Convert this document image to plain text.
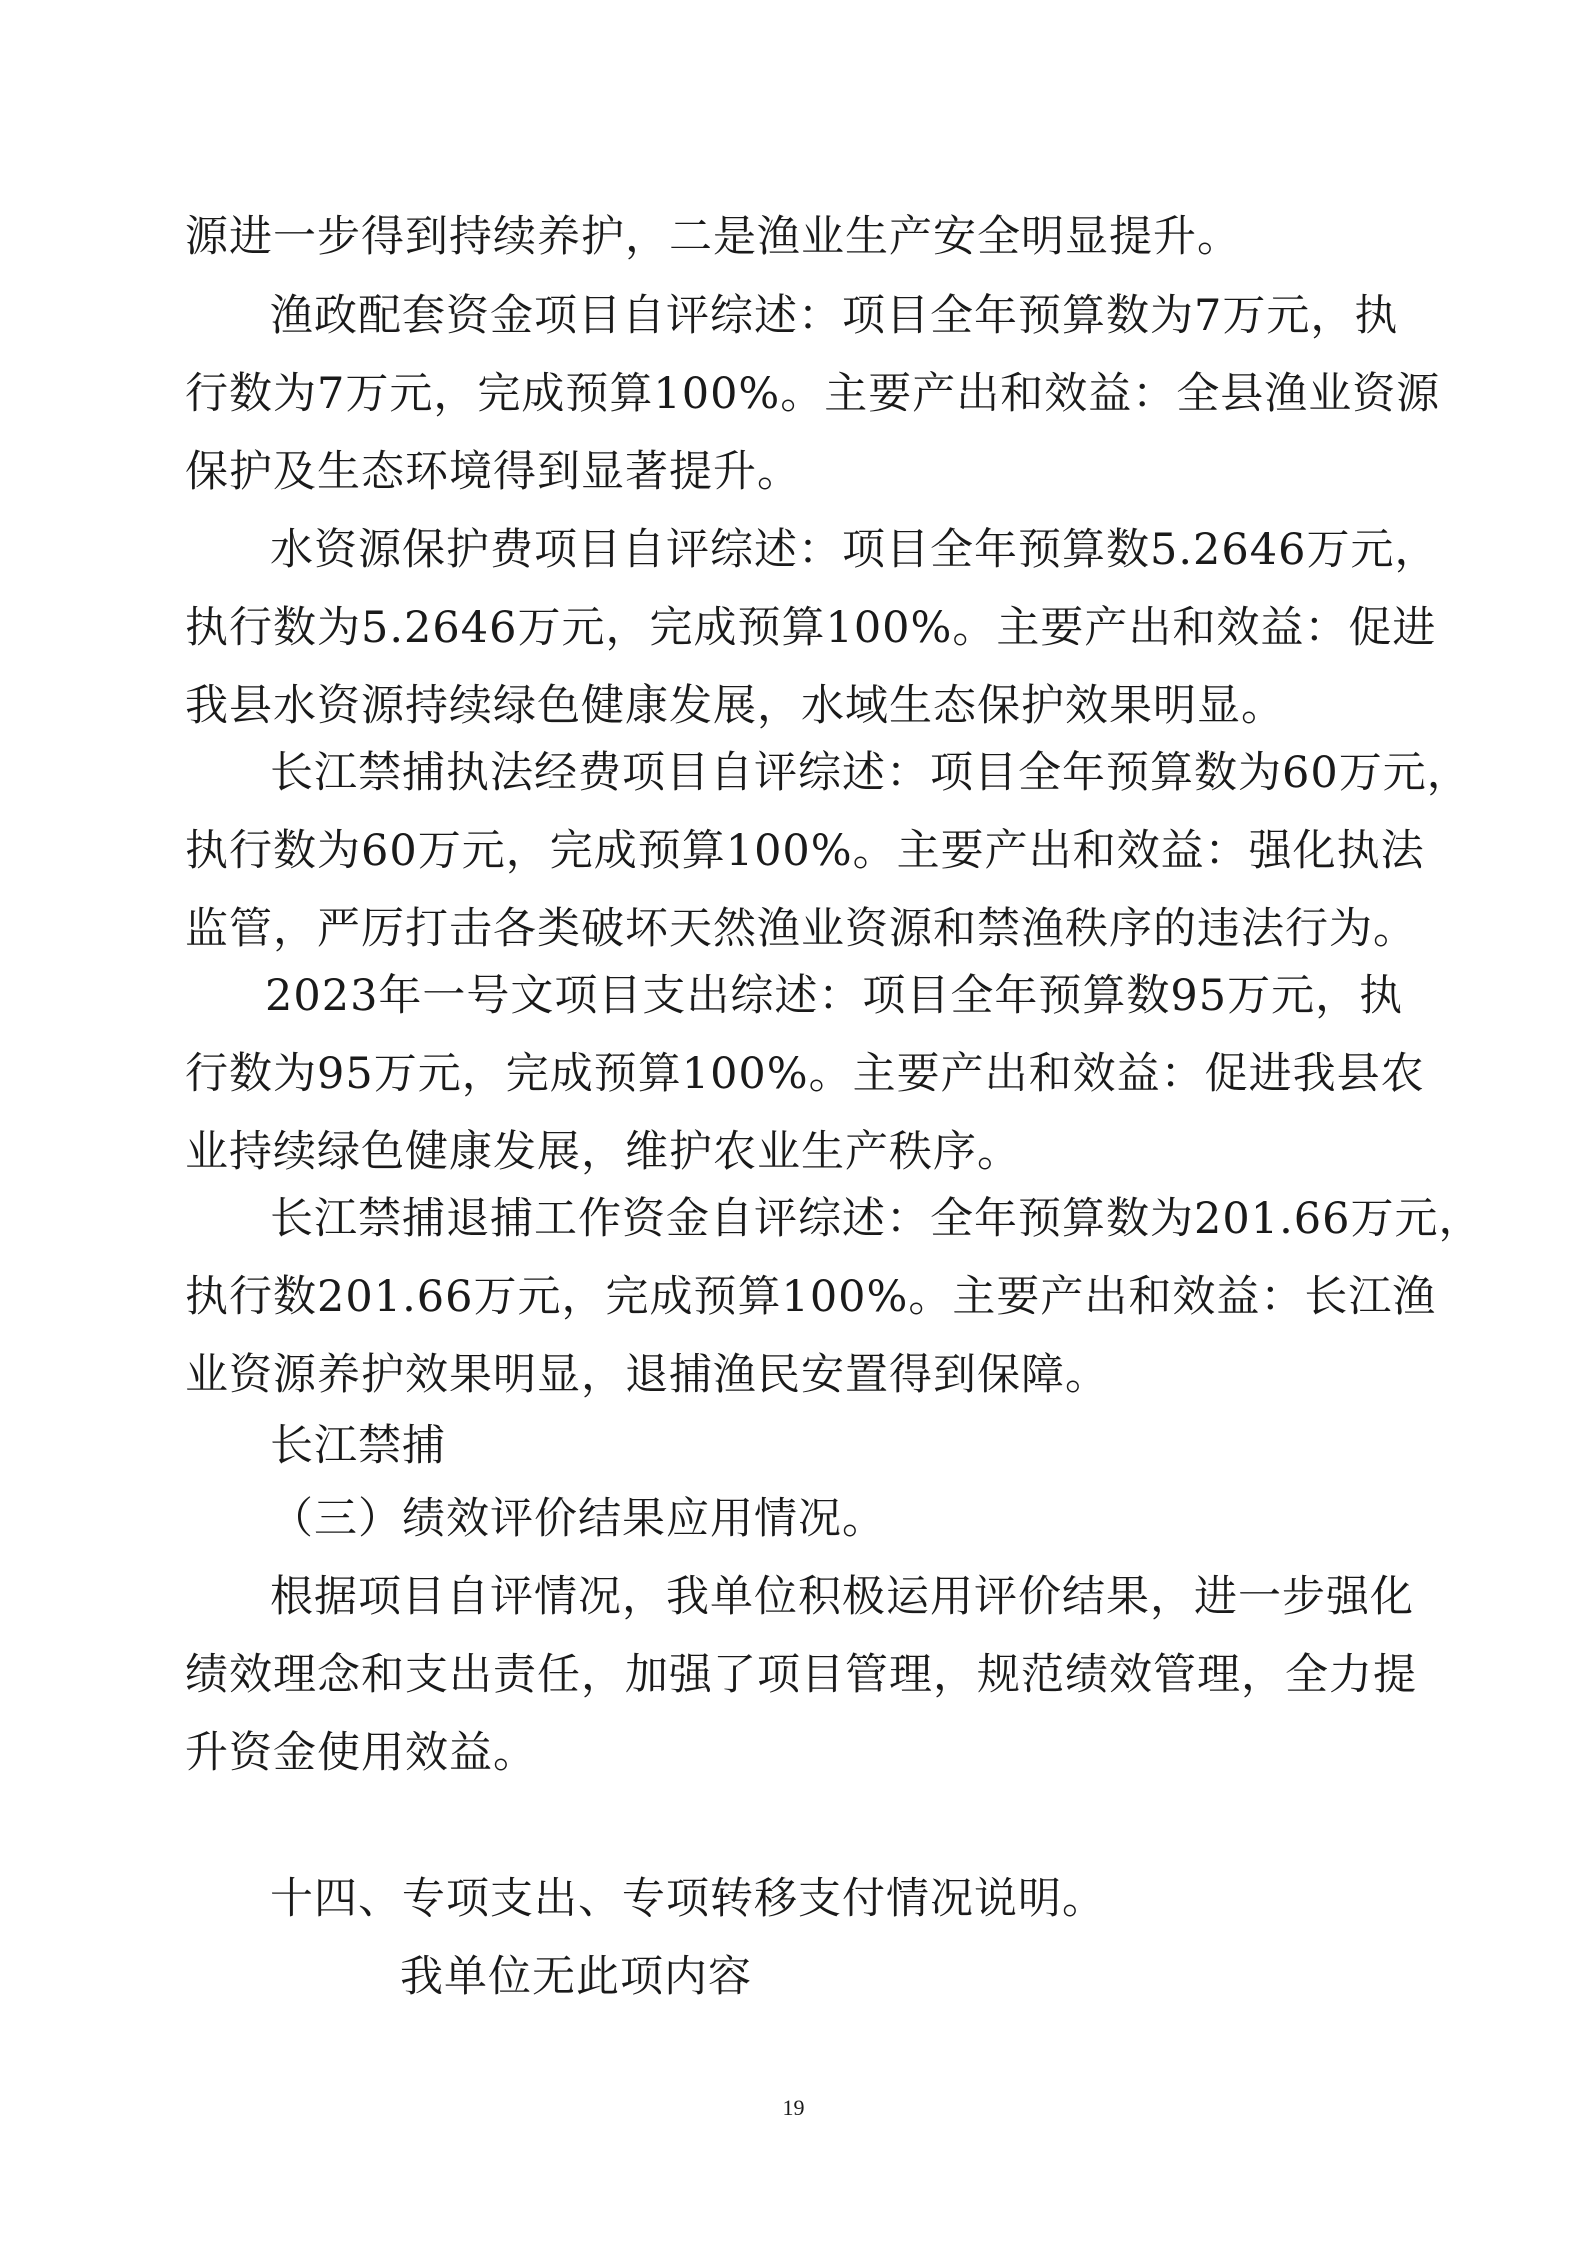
源进一步得到持续养护，二是渔业生产安全明显提升。
渔政配套资金项目自评综述：项目全年预算数为7万元，执
行数为7万元，完成预算100%。主要产出和效益：全县渔业资源
保护及生态环境得到显著提升。
水资源保护费项目自评综述：项目全年预算数5.2646万元，
执行数为5.2646万元，完成预算100%。主要产出和效益：促进
我县水资源持续绿色健康发展，水域生态保护效果明显。
长江禁捕执法经费项目自评综述：项目全年预算数为60万元，
执行数为60万元，完成预算100%。主要产出和效益：强化执法
监管，严厉打击各类破坏天然渔业资源和禁渔秩序的违法行为。
2023年一号文项目支出综述：项目全年预算数95万元，执
行数为95万元，完成预算100%。主要产出和效益：促进我县农
业持续绿色健康发展，维护农业生产秩序。
长江禁捕退捕工作资金自评综述：全年预算数为201.66万元，
执行数201.66万元，完成预算100%。主要产出和效益：长江渔
业资源养护效果明显，退捕渔民安置得到保障。
长江禁捕
（三）绩效评价结果应用情况。
根据项目自评情况，我单位积极运用评价结果，进一步强化
绩效理念和支出责任，加强了项目管理，规范绩效管理，全力提
升资金使用效益。
十四、专项支出、专项转移支付情况说明。
我单位无此项内容
19
